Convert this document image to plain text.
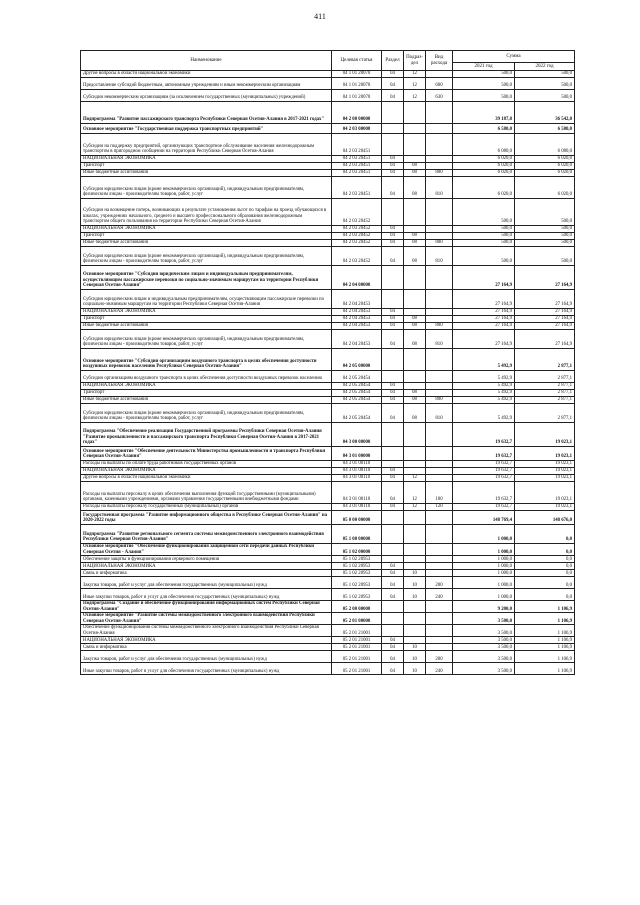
411
Наименование	Целевая статья	Раздел	Подраз-дел	Вид расхода	Сумма	
					2021 год	2022 год
Другие вопросы в области национальной экономики	04 1 01 20070	04	12		500,0	500,0
Предоставление субсидий бюджетным, автономным учреждениям и иным некоммерческим организациям	04 1 01 20070	04	12	600	500,0	500,0
Субсидии некоммерческим организациям (за исключением государственных (муниципальных) учреждений)	04 1 01 20070	04	12	630	500,0	500,0
Подпрограмма "Развитие пассажирского транспорта Республики Северная Осетия-Алания в 2017-2021 годах"	04 2 00 00000				39 187,8	36 542,0
Основное мероприятие "Государственная поддержка транспортных предприятий"	04 2 03 00000				6 580,0	6 580,0
Субсидии на поддержку предприятий, организующих транспортное обслуживание населения железнодорожным транспортом в пригородном сообщении на территории Республики Северная Осетия-Алания	04 2 03 20451				6 080,0	6 080,0
НАЦИОНАЛЬНАЯ ЭКОНОМИКА	04 2 03 20451	04			6 020,0	6 020,0
Транспорт	04 2 03 20451	04	08		6 020,0	6 020,0
Иные бюджетные ассигнования	04 2 03 20451	04	08	800	6 020,0	6 020,0
Субсидии юридическим лицам (кроме некоммерческих организаций), индивидуальным предпринимателям, физическим лицам - производителям товаров, работ, услуг	04 2 03 20451	04	08	810	6 020,0	6 020,0
Субсидии на возмещение потерь, возникающих в результате установления льгот по тарифам на проезд обучающихся в школах, учреждениях начального, среднего и высшего профессионального образования железнодорожным транспортом общего пользования на территории Республики Северная Осетия-Алания	04 2 03 20452				500,0	500,0
НАЦИОНАЛЬНАЯ ЭКОНОМИКА	04 2 03 20452	04			500,0	500,0
Транспорт	04 2 03 20452	04	08		500,0	500,0
Иные бюджетные ассигнования	04 2 03 20452	04	08	800	500,0	500,0
Субсидии юридическим лицам (кроме некоммерческих организаций), индивидуальным предпринимателям, физическим лицам - производителям товаров, работ, услуг	04 2 03 20452	04	08	810	500,0	500,0
Основное мероприятие "Субсидии юридическим лицам и индивидуальным предпринимателям, осуществляющим пассажирские перевозки по социально-значимым маршрутам на территории Республики Северная Осетия-Алания"	04 2 04 00000				27 164,9	27 164,9
Субсидии юридическим лицам и индивидуальным предпринимателям, осуществляющим пассажирские перевозки по социально-значимым маршрутам на территории Республики Северная Осетия-Алания	04 2 04 20453				27 164,9	27 164,9
НАЦИОНАЛЬНАЯ ЭКОНОМИКА	04 2 04 20453	04			27 164,9	27 164,9
Транспорт	04 2 04 20453	04	08		27 164,9	27 164,9
Иные бюджетные ассигнования	04 2 04 20453	04	08	800	27 164,9	27 164,9
Субсидии юридическим лицам (кроме некоммерческих организаций), индивидуальным предпринимателям, физическим лицам - производителям товаров, работ, услуг	04 2 04 20453	04	08	810	27 164,9	27 164,9
Основное мероприятие "Субсидии организациям воздушного транспорта в целях обеспечения доступности воздушных перевозок населению Республики Северная Осетия-Алания"	04 2 05 00000				5 492,9	2 877,1
Субсидии организациям воздушного транспорта в целях обеспечения доступности воздушных перевозок населению	04 2 05 20454				5 492,9	2 877,1
НАЦИОНАЛЬНАЯ ЭКОНОМИКА	04 2 05 20454	04			5 492,9	2 877,1
Транспорт	04 2 05 20454	04	08		5 492,9	2 877,1
Иные бюджетные ассигнования	04 2 05 20454	04	08	800	5 492,9	2 877,1
Субсидии юридическим лицам (кроме некоммерческих организаций), индивидуальным предпринимателям, физическим лицам - производителям товаров, работ, услуг	04 2 05 20454	04	08	810	5 492,9	2 877,1
Подпрограмма "Обеспечение реализации Государственной программы Республики Северная Осетия-Алания "Развитие промышленности и пассажирского транспорта Республики Северная Осетия-Алания в 2017-2021 годах"	04 3 00 00000				19 632,7	19 023,1
Основное мероприятие "Обеспечение деятельности Министерства промышленности и транспорта Республики Северная Осетия-Алания"	04 3 01 00000				19 632,7	19 023,1
Расходы на выплаты по оплате труда работников государственных органов	04 3 01 00110				19 632,7	19 023,1
НАЦИОНАЛЬНАЯ ЭКОНОМИКА	04 3 01 00110	04			19 632,7	19 023,1
Другие вопросы в области национальной экономики	04 3 01 00110	04	12		19 632,7	19 023,1
Расходы на выплаты персоналу в целях обеспечения выполнения функций государственными (муниципальными) органами, казенными учреждениями, органами управления государственными внебюджетными фондами	04 3 01 00110	04	12	100	19 632,7	19 023,1
Расходы на выплаты персоналу государственных (муниципальных) органов	04 3 01 00110	04	12	120	19 632,7	19 023,1
Государственная программа "Развитие информационного общества в Республике Северная Осетия-Алания" на 2020-2022 годы	05 0 00 00000				148 769,4	148 676,0
Подпрограмма "Развитие регионального сегмента системы межведомственного электронного взаимодействия Республики Северная Осетия-Алания"	05 1 00 00000				1 000,0	0,0
Основное мероприятие "Обеспечение функционирования защищенной сети передачи данных Республики Северная Осетия - Алания"	05 1 02 00000				1 000,0	0,0
Обеспечение защиты и функционирования серверного помещения	05 1 02 20953				1 000,0	0,0
НАЦИОНАЛЬНАЯ ЭКОНОМИКА	05 1 02 20953	04			1 000,0	0,0
Связь и информатика	05 1 02 20953	04	10		1 000,0	0,0
Закупка товаров, работ и услуг для обеспечения государственных (муниципальных) нужд	05 1 02 20953	04	10	200	1 000,0	0,0
Иные закупки товаров, работ и услуг для обеспечения государственных (муниципальных) нужд	05 1 02 20953	04	10	240	1 000,0	0,0
Подпрограмма "Создание и обеспечение функционирования информационных систем Республики Северная Осетия-Алания"	05 2 00 00000				9 200,0	1 106,9
Основное мероприятие "Развитие системы межведомственного электронного взаимодействия Республики Северная Осетия-Алания"	05 2 01 00000				3 500,0	1 106,9
Обеспечение функционирования системы межведомственного электронного взаимодействия Республики Северная Осетия-Алания	05 2 01 21001				3 500,0	1 106,9
НАЦИОНАЛЬНАЯ ЭКОНОМИКА	05 2 01 21001	04			3 500,0	1 106,9
Связь и информатика	05 2 01 21001	04	10		3 500,0	1 106,9
Закупка товаров, работ и услуг для обеспечения государственных (муниципальных) нужд	05 2 01 21001	04	10	200	3 500,0	1 106,9
Иные закупки товаров, работ и услуг для обеспечения государственных (муниципальных) нужд	05 2 01 21001	04	10	240	3 500,0	1 106,9
